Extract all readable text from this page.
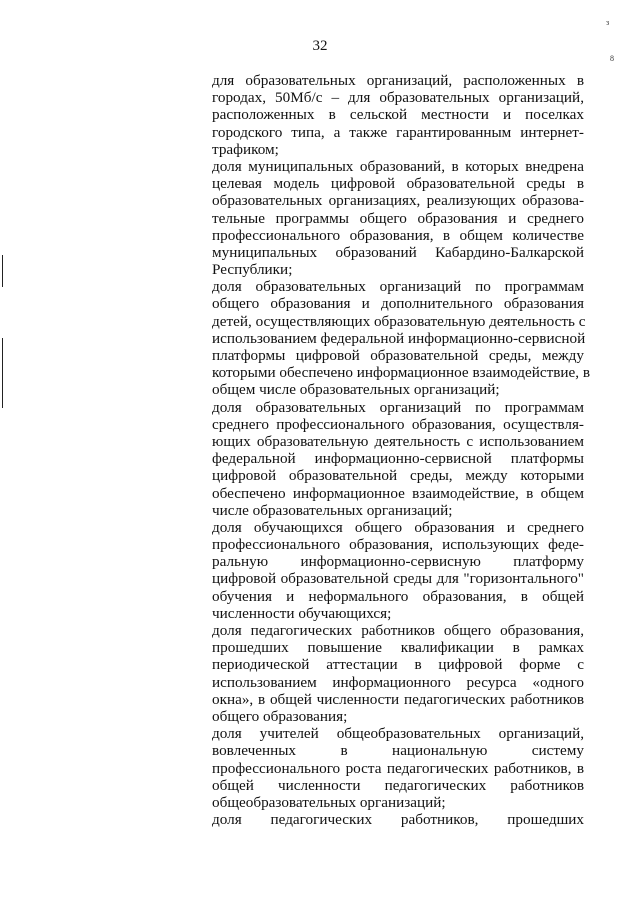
32
для образовательных организаций, расположенных в
городах, 50Мб/с – для образовательных организаций,
расположенных в сельской местности и поселках
городского типа, а также гарантированным интернет-
трафиком;
доля муниципальных образований, в которых внедрена
целевая модель цифровой образовательной среды в
образовательных организациях, реализующих образова-
тельные программы общего образования и среднего
профессионального образования, в общем количестве
муниципальных образований Кабардино-Балкарской
Республики;
доля образовательных организаций по программам
общего образования и дополнительного образования
детей, осуществляющих образовательную деятельность с
использованием федеральной информационно-сервисной
платформы цифровой образовательной среды, между
которыми обеспечено информационное взаимодействие, в
общем числе образовательных организаций;
доля образовательных организаций по программам
среднего профессионального образования, осуществля-
ющих образовательную деятельность с использованием
федеральной информационно-сервисной платформы
цифровой образовательной среды, между которыми
обеспечено информационное взаимодействие, в общем
числе образовательных организаций;
доля обучающихся общего образования и среднего
профессионального образования, использующих феде-
ральную информационно-сервисную платформу
цифровой образовательной среды для "горизонтального"
обучения и неформального образования, в общей
численности обучающихся;
доля педагогических работников общего образования,
прошедших повышение квалификации в рамках
периодической аттестации в цифровой форме с
использованием информационного ресурса «одного
окна», в общей численности педагогических работников
общего образования;
доля учителей общеобразовательных организаций,
вовлеченных в национальную систему
профессионального роста педагогических работников, в
общей численности педагогических работников
общеобразовательных организаций;
доля педагогических работников, прошедших
з
8
